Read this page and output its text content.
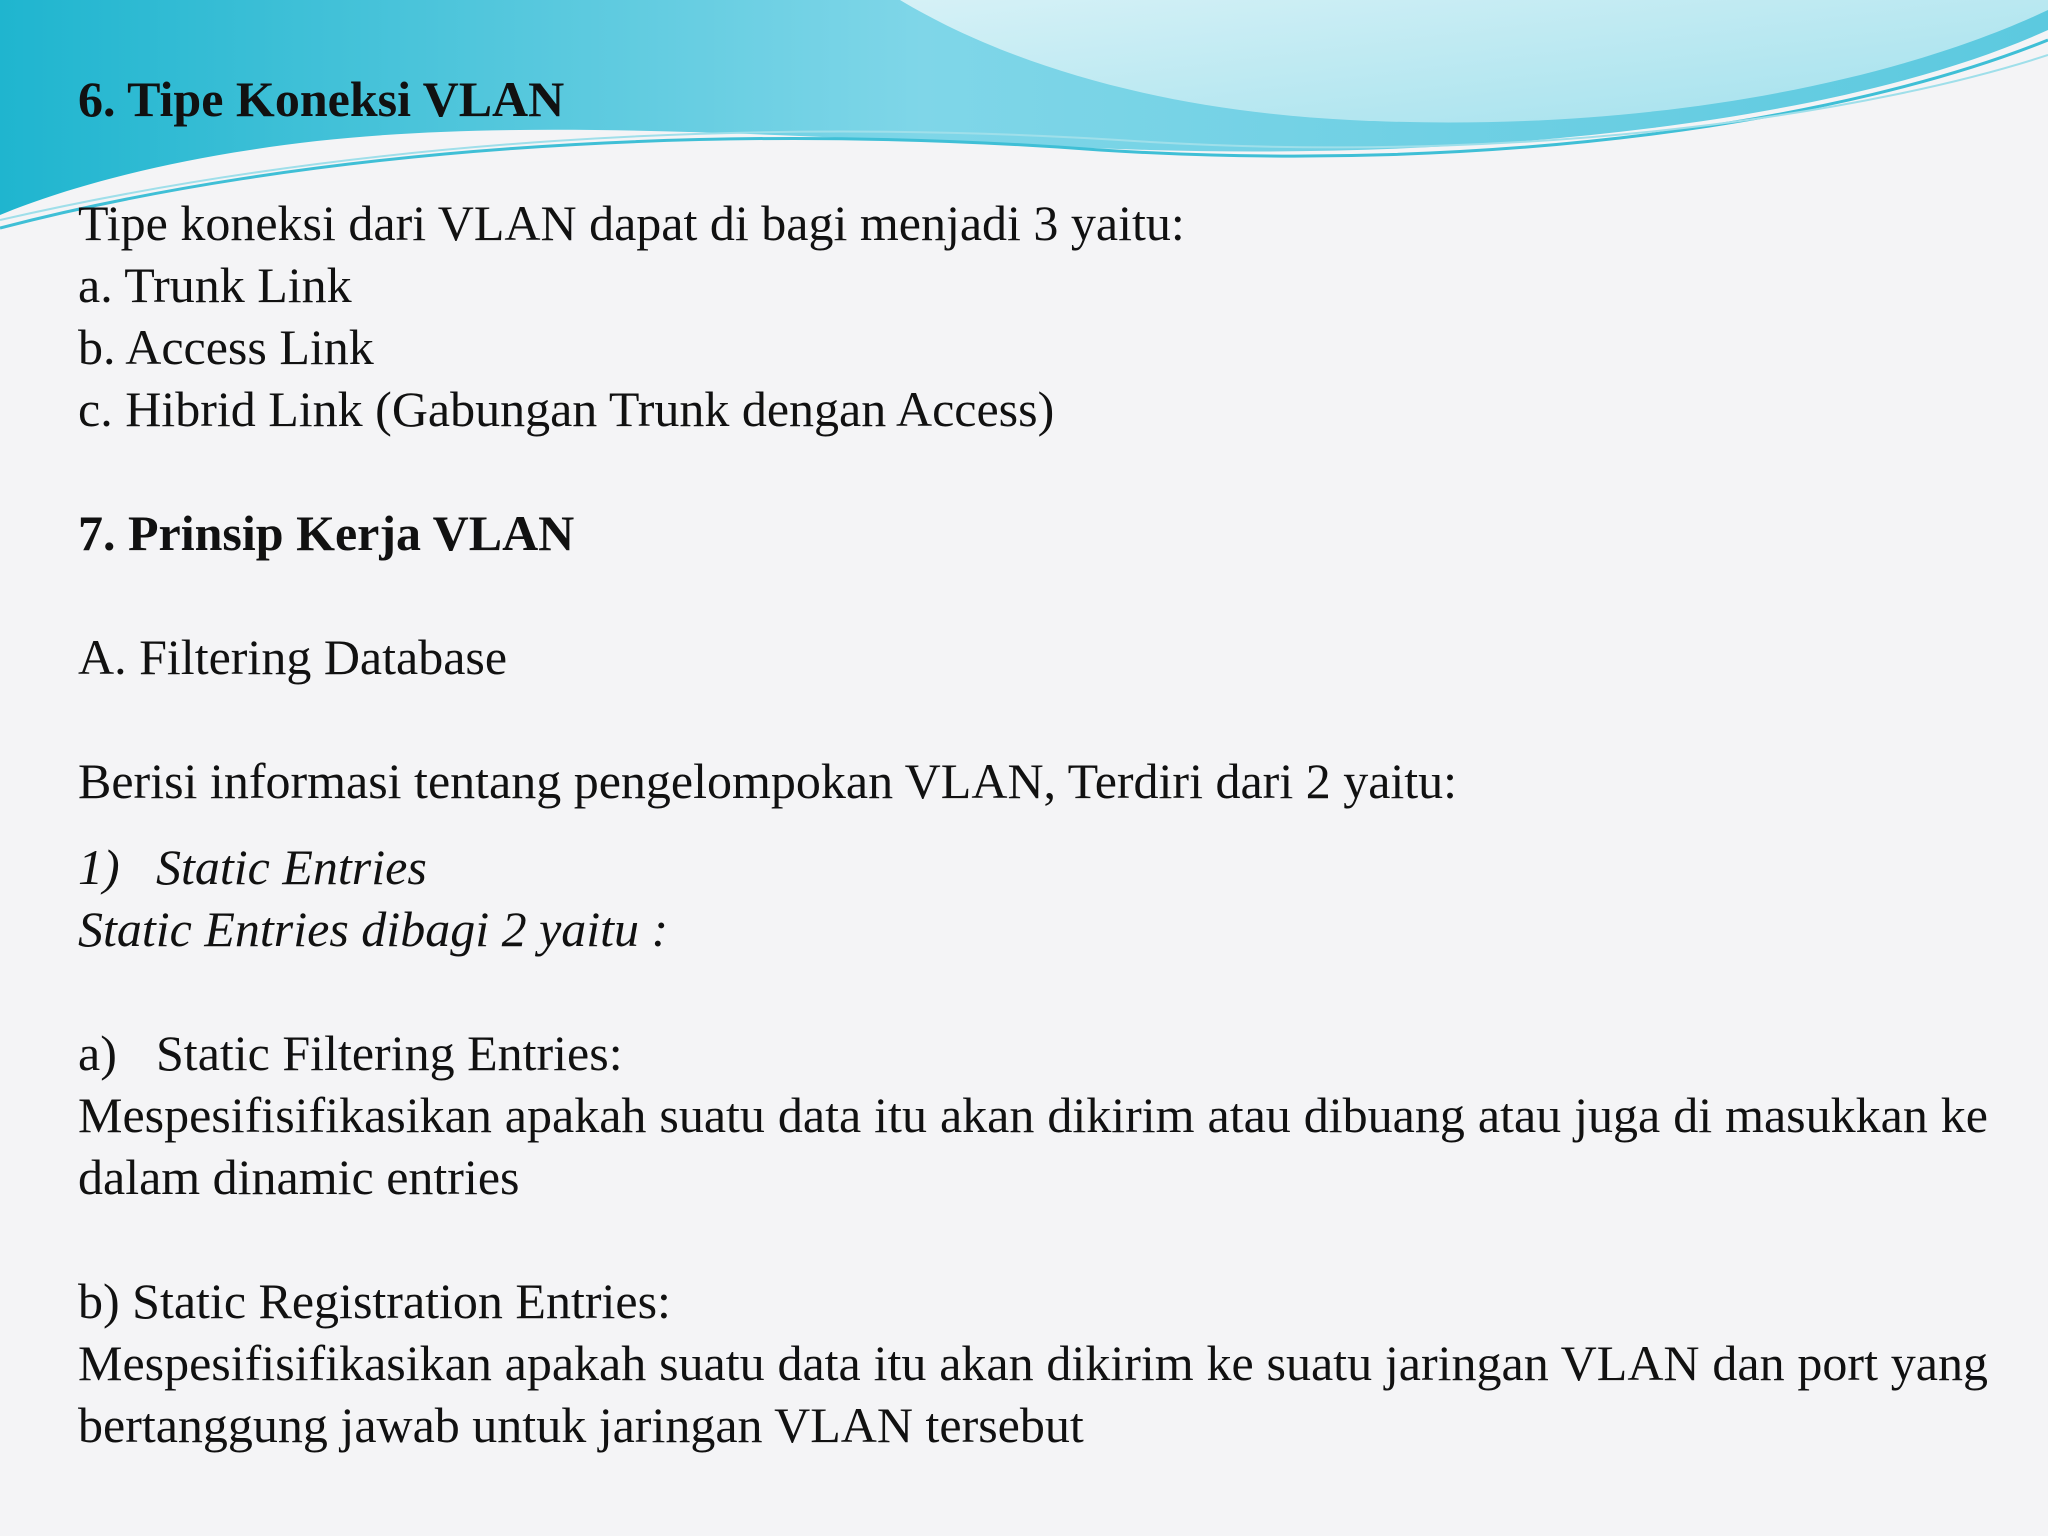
6. Tipe Koneksi VLAN
Tipe koneksi dari VLAN dapat di bagi menjadi 3 yaitu:
a. Trunk Link
b. Access Link
c. Hibrid Link (Gabungan Trunk dengan Access)
7. Prinsip Kerja VLAN
A. Filtering Database
Berisi informasi tentang pengelompokan VLAN, Terdiri dari 2 yaitu:
1) Static Entries
Static Entries dibagi 2 yaitu :
a) Static Filtering Entries:
Mespesifisifikasikan apakah suatu data itu akan dikirim atau dibuang atau juga di masukkan ke dalam dinamic entries
b) Static Registration Entries:
Mespesifisifikasikan apakah suatu data itu akan dikirim ke suatu jaringan VLAN dan port yang bertanggung jawab untuk jaringan VLAN tersebut
